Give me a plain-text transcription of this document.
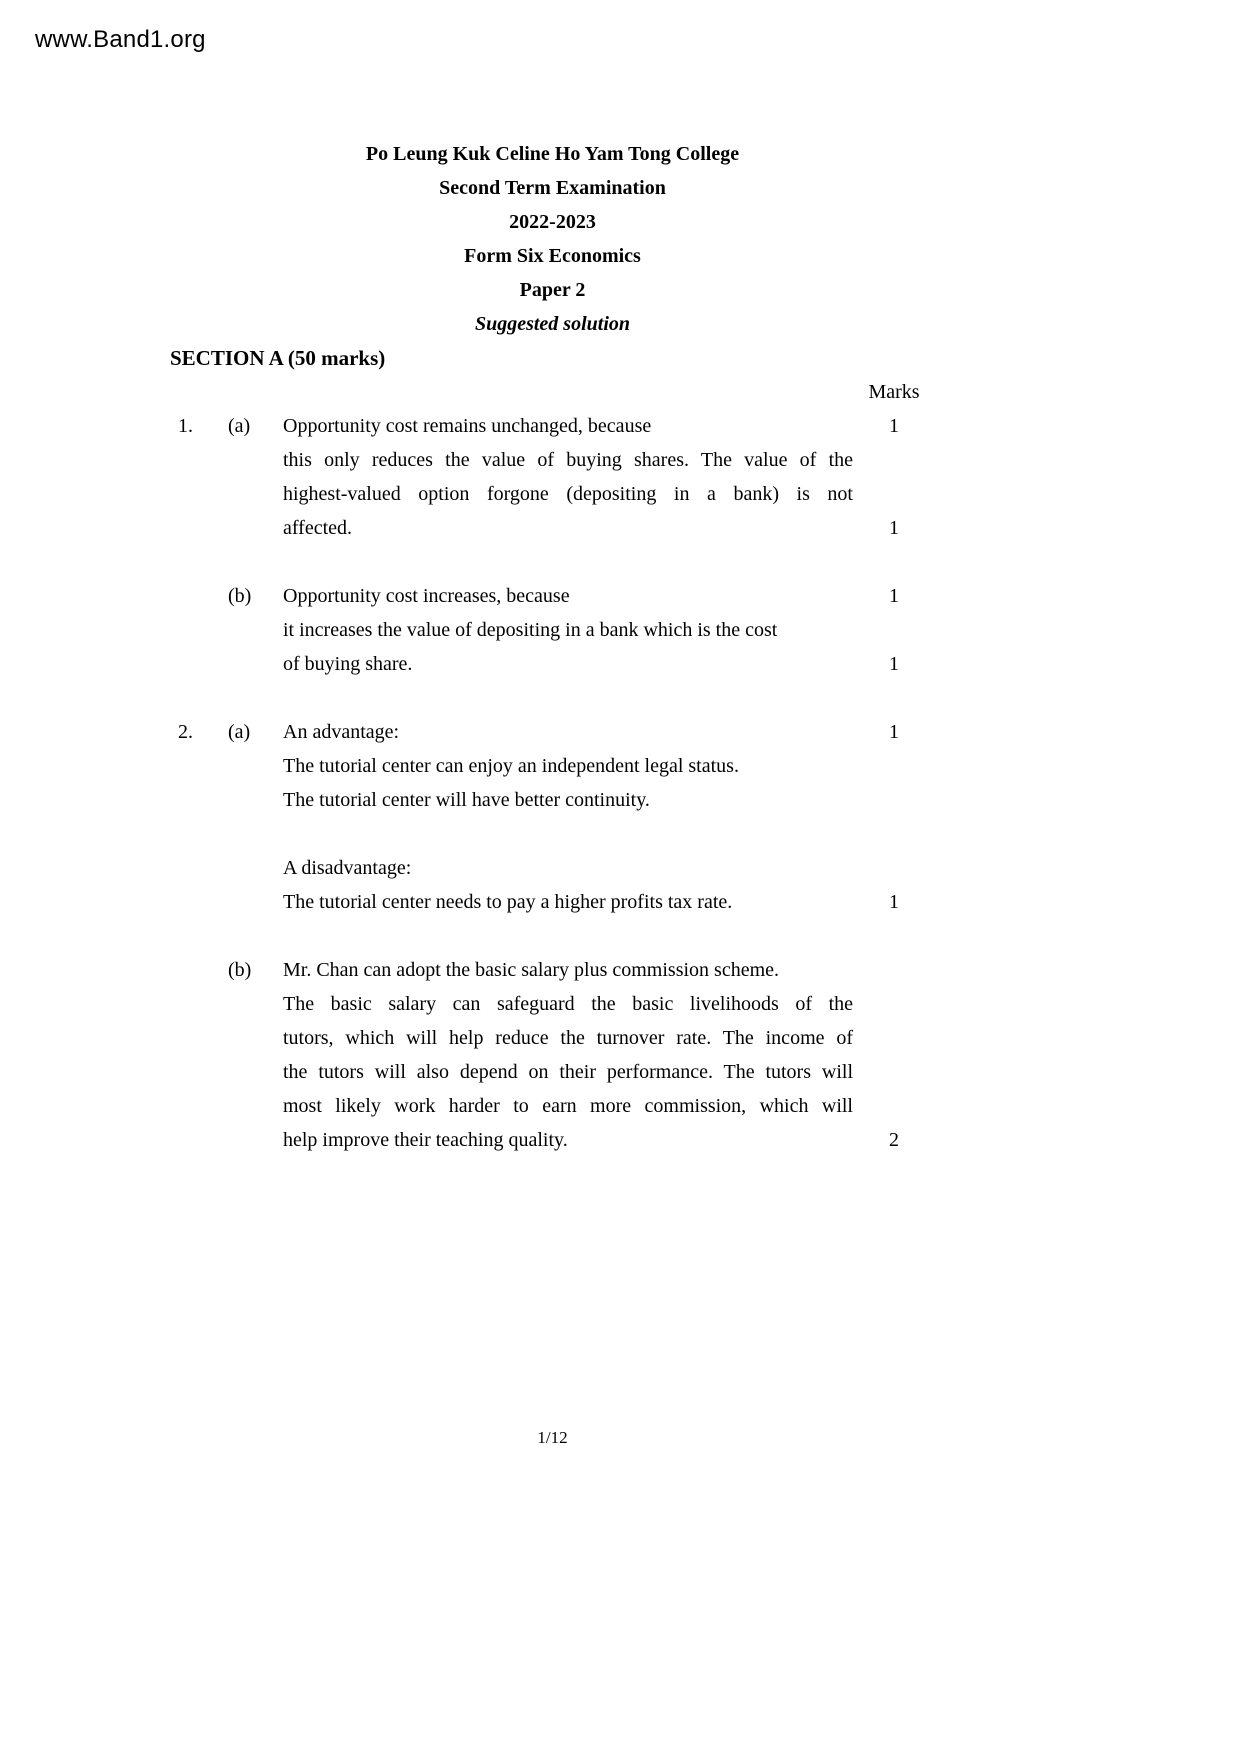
www.Band1.org
Po Leung Kuk Celine Ho Yam Tong College
Second Term Examination
2022-2023
Form Six Economics
Paper 2
Suggested solution
SECTION A (50 marks)
Marks
1.	(a)	Opportunity cost remains unchanged, because	1
this only reduces the value of buying shares. The value of the
highest-valued option forgone (depositing in a bank) is not
affected.	1
(b)	Opportunity cost increases, because	1
it increases the value of depositing in a bank which is the cost
of buying share.	1
2.	(a)	An advantage:	1
The tutorial center can enjoy an independent legal status.
The tutorial center will have better continuity.
A disadvantage:
The tutorial center needs to pay a higher profits tax rate.	1
(b)	Mr. Chan can adopt the basic salary plus commission scheme.
The basic salary can safeguard the basic livelihoods of the
tutors, which will help reduce the turnover rate. The income of
the tutors will also depend on their performance. The tutors will
most likely work harder to earn more commission, which will
help improve their teaching quality.	2
1/12
